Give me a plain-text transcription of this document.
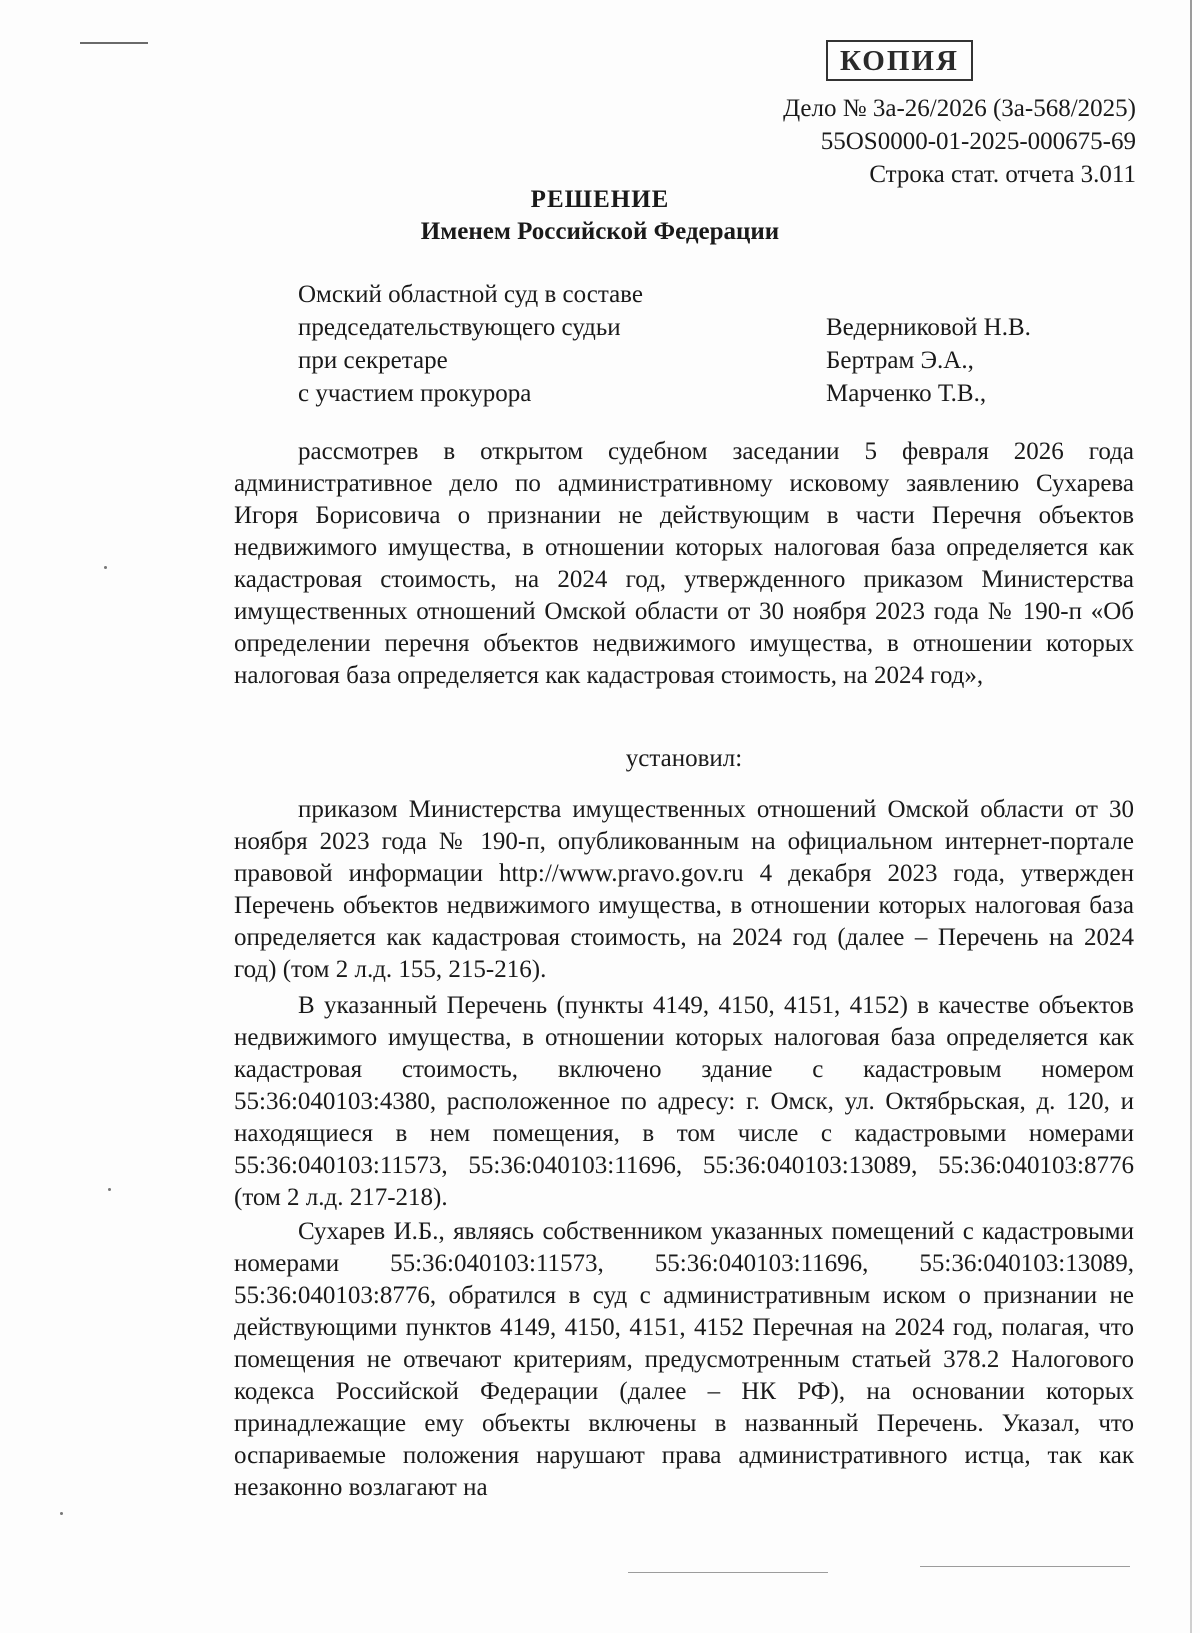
КОПИЯ
Дело № 3а-26/2026 (3а-568/2025)
55OS0000-01-2025-000675-69
Строка стат. отчета 3.011
РЕШЕНИЕ
Именем Российской Федерации
Омский областной суд в составе
председательствующего судьи	Ведерниковой Н.В.
при секретаре	Бертрам Э.А.,
с участием прокурора	Марченко Т.В.,

рассмотрев в открытом судебном заседании 5 февраля 2026 года административное дело по административному исковому заявлению Сухарева Игоря Борисовича о признании не действующим в части Перечня объектов недвижимого имущества, в отношении которых налоговая база определяется как кадастровая стоимость, на 2024 год, утвержденного приказом Министерства имущественных отношений Омской области от 30 ноября 2023 года № 190-п «Об определении перечня объектов недвижимого имущества, в отношении которых налоговая база определяется как кадастровая стоимость, на 2024 год»,

установил:

приказом Министерства имущественных отношений Омской области от 30 ноября 2023 года № 190-п, опубликованным на официальном интернет-портале правовой информации http://www.pravo.gov.ru 4 декабря 2023 года, утвержден Перечень объектов недвижимого имущества, в отношении которых налоговая база определяется как кадастровая стоимость, на 2024 год (далее – Перечень на 2024 год) (том 2 л.д. 155, 215-216).

В указанный Перечень (пункты 4149, 4150, 4151, 4152) в качестве объектов недвижимого имущества, в отношении которых налоговая база определяется как кадастровая стоимость, включено здание с кадастровым номером 55:36:040103:4380, расположенное по адресу: г. Омск, ул. Октябрьская, д. 120, и находящиеся в нем помещения, в том числе с кадастровыми номерами 55:36:040103:11573, 55:36:040103:11696, 55:36:040103:13089, 55:36:040103:8776 (том 2 л.д. 217-218).

Сухарев И.Б., являясь собственником указанных помещений с кадастровыми номерами 55:36:040103:11573, 55:36:040103:11696, 55:36:040103:13089, 55:36:040103:8776, обратился в суд с административным иском о признании не действующими пунктов 4149, 4150, 4151, 4152 Перечная на 2024 год, полагая, что помещения не отвечают критериям, предусмотренным статьей 378.2 Налогового кодекса Российской Федерации (далее – НК РФ), на основании которых принадлежащие ему объекты включены в названный Перечень. Указал, что оспариваемые положения нарушают права административного истца, так как незаконно возлагают на
